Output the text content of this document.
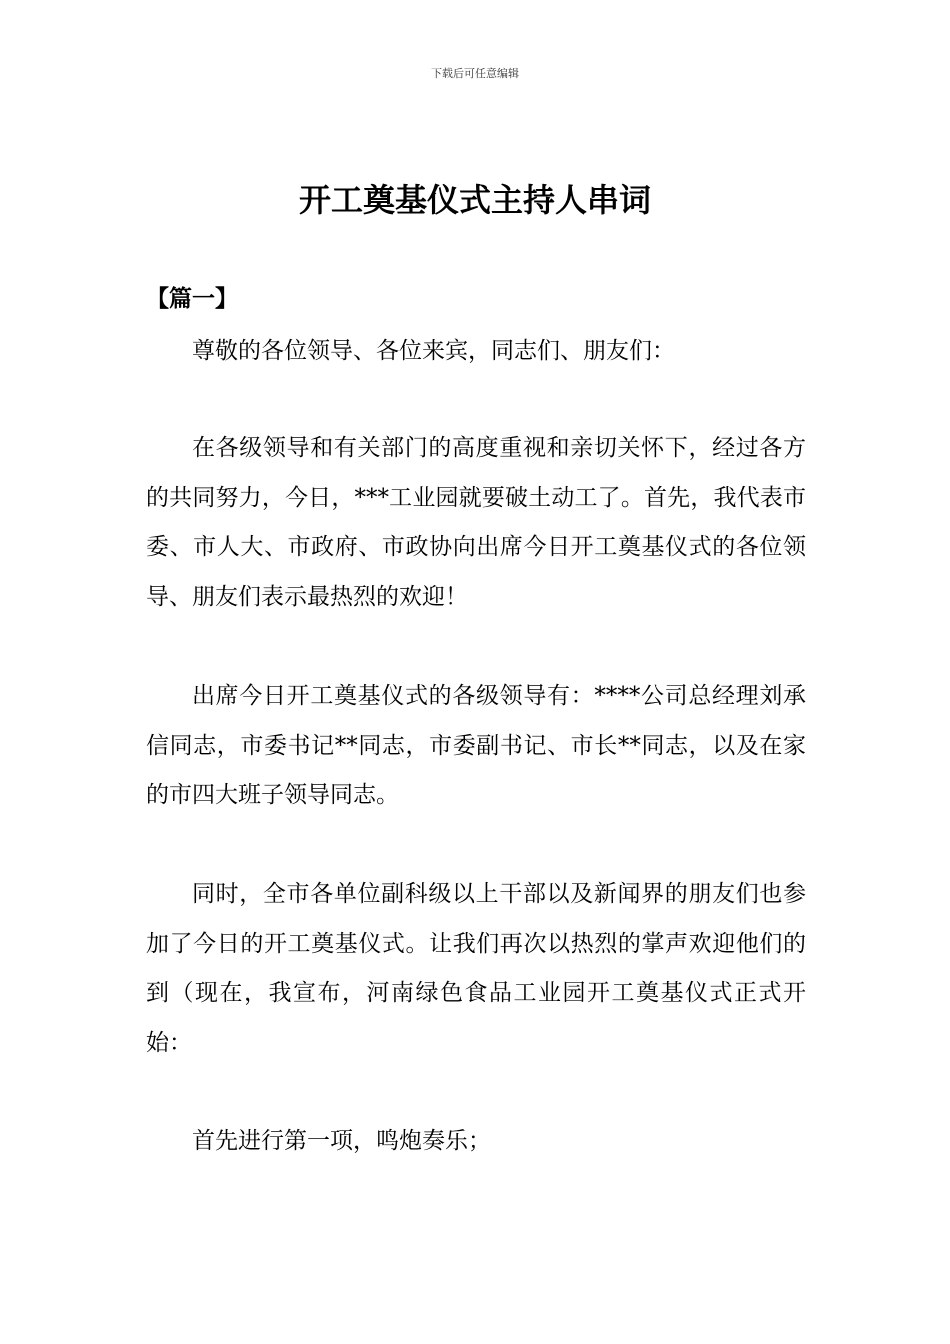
下载后可任意编辑
开工奠基仪式主持人串词
【篇一】

尊敬的各位领导、各位来宾，同志们、朋友们：

在各级领导和有关部门的高度重视和亲切关怀下，经过各方的共同努力，今日，***工业园就要破土动工了。首先，我代表市委、市人大、市政府、市政协向出席今日开工奠基仪式的各位领导、朋友们表示最热烈的欢迎！

出席今日开工奠基仪式的各级领导有：****公司总经理刘承信同志，市委书记**同志，市委副书记、市长**同志，以及在家的市四大班子领导同志。

同时，全市各单位副科级以上干部以及新闻界的朋友们也参加了今日的开工奠基仪式。让我们再次以热烈的掌声欢迎他们的到（现在，我宣布，河南绿色食品工业园开工奠基仪式正式开始：

首先进行第一项，鸣炮奏乐；
